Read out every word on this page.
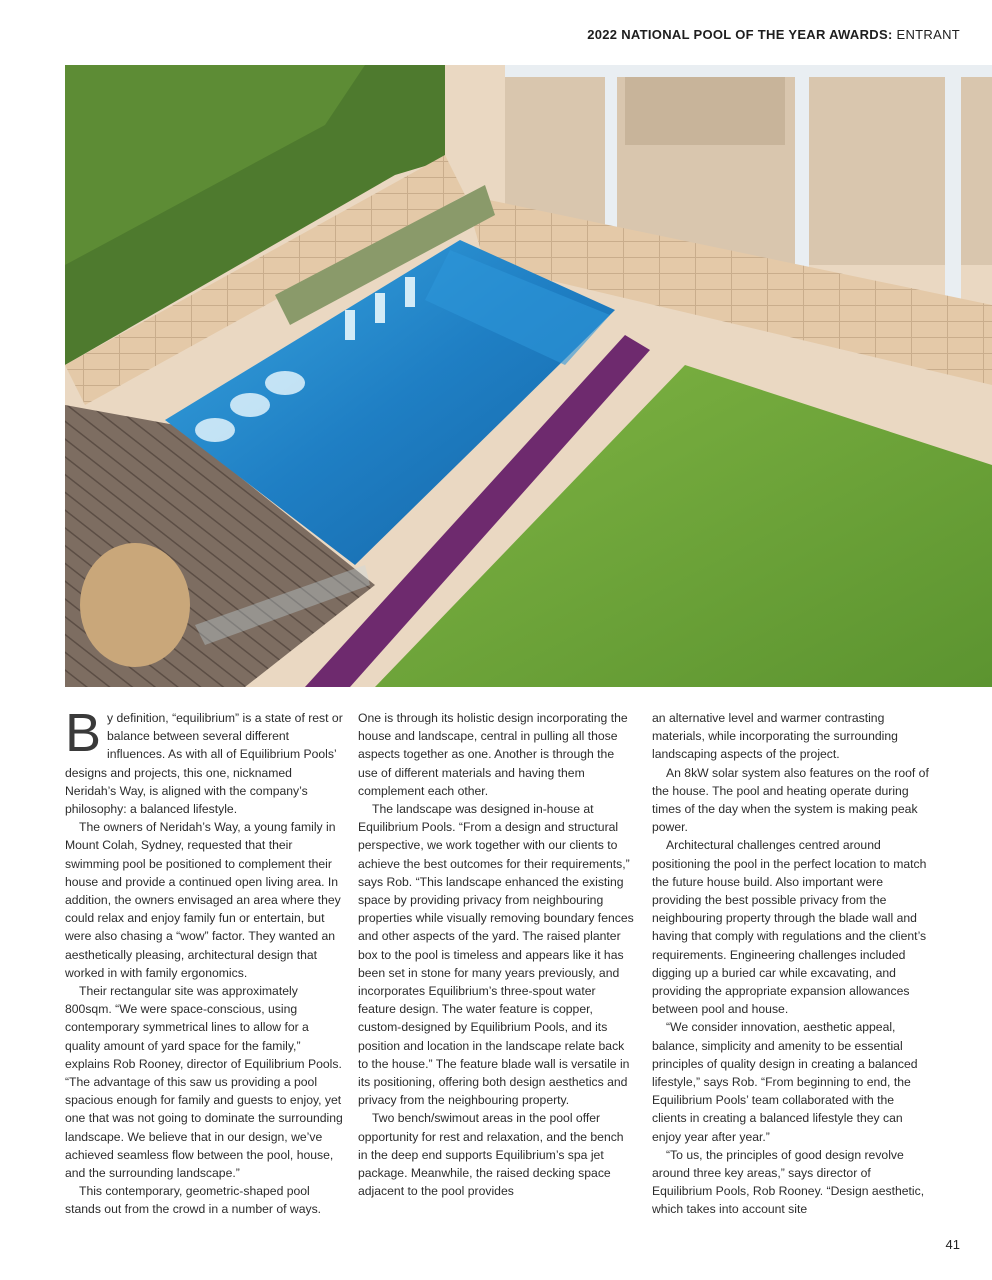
2022 NATIONAL POOL OF THE YEAR AWARDS: ENTRANT

By definition, “equilibrium” is a state of rest or balance between several different influences. As with all of Equilibrium Pools’ designs and projects, this one, nicknamed Neridah’s Way, is aligned with the company’s philosophy: a balanced lifestyle.

The owners of Neridah’s Way, a young family in Mount Colah, Sydney, requested that their swimming pool be positioned to complement their house and provide a continued open living area. In addition, the owners envisaged an area where they could relax and enjoy family fun or entertain, but were also chasing a “wow” factor. They wanted an aesthetically pleasing, architectural design that worked in with family ergonomics.

Their rectangular site was approximately 800sqm. “We were space-conscious, using contemporary symmetrical lines to allow for a quality amount of yard space for the family,” explains Rob Rooney, director of Equilibrium Pools. “The advantage of this saw us providing a pool spacious enough for family and guests to enjoy, yet one that was not going to dominate the surrounding landscape. We believe that in our design, we’ve achieved seamless flow between the pool, house, and the surrounding landscape.”

This contemporary, geometric-shaped pool stands out from the crowd in a number of ways.

One is through its holistic design incorporating the house and landscape, central in pulling all those aspects together as one. Another is through the use of different materials and having them complement each other.

The landscape was designed in-house at Equilibrium Pools. “From a design and structural perspective, we work together with our clients to achieve the best outcomes for their requirements,” says Rob. “This landscape enhanced the existing space by providing privacy from neighbouring properties while visually removing boundary fences and other aspects of the yard. The raised planter box to the pool is timeless and appears like it has been set in stone for many years previously, and incorporates Equilibrium’s three-spout water feature design. The water feature is copper, custom-designed by Equilibrium Pools, and its position and location in the landscape relate back to the house.” The feature blade wall is versatile in its positioning, offering both design aesthetics and privacy from the neighbouring property.

Two bench/swimout areas in the pool offer opportunity for rest and relaxation, and the bench in the deep end supports Equilibrium’s spa jet package. Meanwhile, the raised decking space adjacent to the pool provides

an alternative level and warmer contrasting materials, while incorporating the surrounding landscaping aspects of the project.

An 8kW solar system also features on the roof of the house. The pool and heating operate during times of the day when the system is making peak power.

Architectural challenges centred around positioning the pool in the perfect location to match the future house build. Also important were providing the best possible privacy from the neighbouring property through the blade wall and having that comply with regulations and the client’s requirements. Engineering challenges included digging up a buried car while excavating, and providing the appropriate expansion allowances between pool and house.

“We consider innovation, aesthetic appeal, balance, simplicity and amenity to be essential principles of quality design in creating a balanced lifestyle,” says Rob. “From beginning to end, the Equilibrium Pools’ team collaborated with the clients in creating a balanced lifestyle they can enjoy year after year.”

“To us, the principles of good design revolve around three key areas,” says director of Equilibrium Pools, Rob Rooney. “Design aesthetic, which takes into account site

41
